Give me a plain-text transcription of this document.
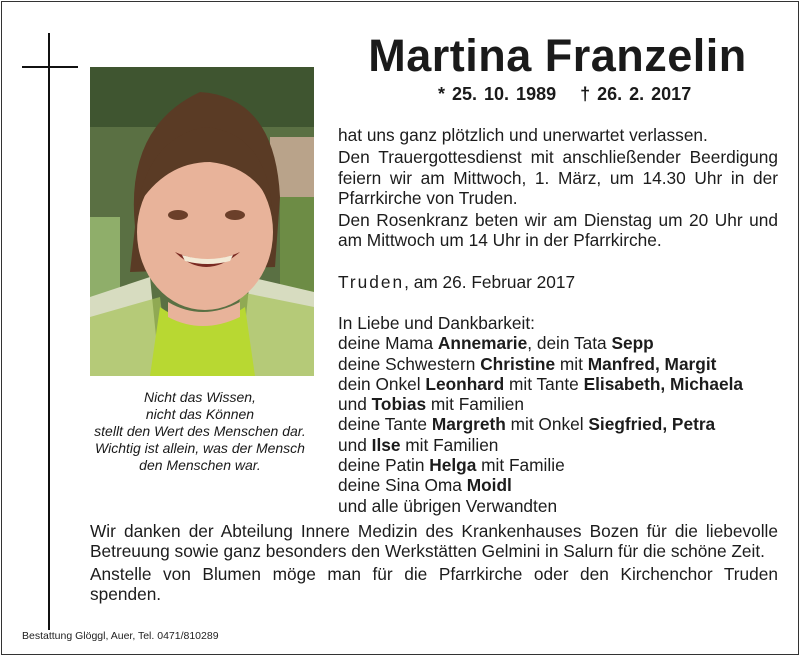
Martina Franzelin
* 25. 10. 1989 † 26. 2. 2017
Nicht das Wissen,
nicht das Können
stellt den Wert des Menschen dar.
Wichtig ist allein, was der Mensch
den Menschen war.

hat uns ganz plötzlich und unerwartet verlassen.

Den Trauergottesdienst mit anschließender Beerdigung feiern wir am Mittwoch, 1. März, um 14.30 Uhr in der Pfarrkirche von Truden.

Den Rosenkranz beten wir am Dienstag um 20 Uhr und am Mittwoch um 14 Uhr in der Pfarrkirche.

Truden, am 26. Februar 2017
In Liebe und Dankbarkeit:
deine Mama Annemarie, dein Tata Sepp
deine Schwestern Christine mit Manfred, Margit
dein Onkel Leonhard mit Tante Elisabeth, Michaela
und Tobias mit Familien
deine Tante Margreth mit Onkel Siegfried, Petra
und Ilse mit Familien
deine Patin Helga mit Familie
deine Sina Oma Moidl
und alle übrigen Verwandten

Wir danken der Abteilung Innere Medizin des Krankenhauses Bozen für die liebevolle Betreuung sowie ganz besonders den Werkstätten Gelmini in Salurn für die schöne Zeit.

Anstelle von Blumen möge man für die Pfarrkirche oder den Kirchenchor Truden spenden.

Bestattung Glöggl, Auer, Tel. 0471/810289
